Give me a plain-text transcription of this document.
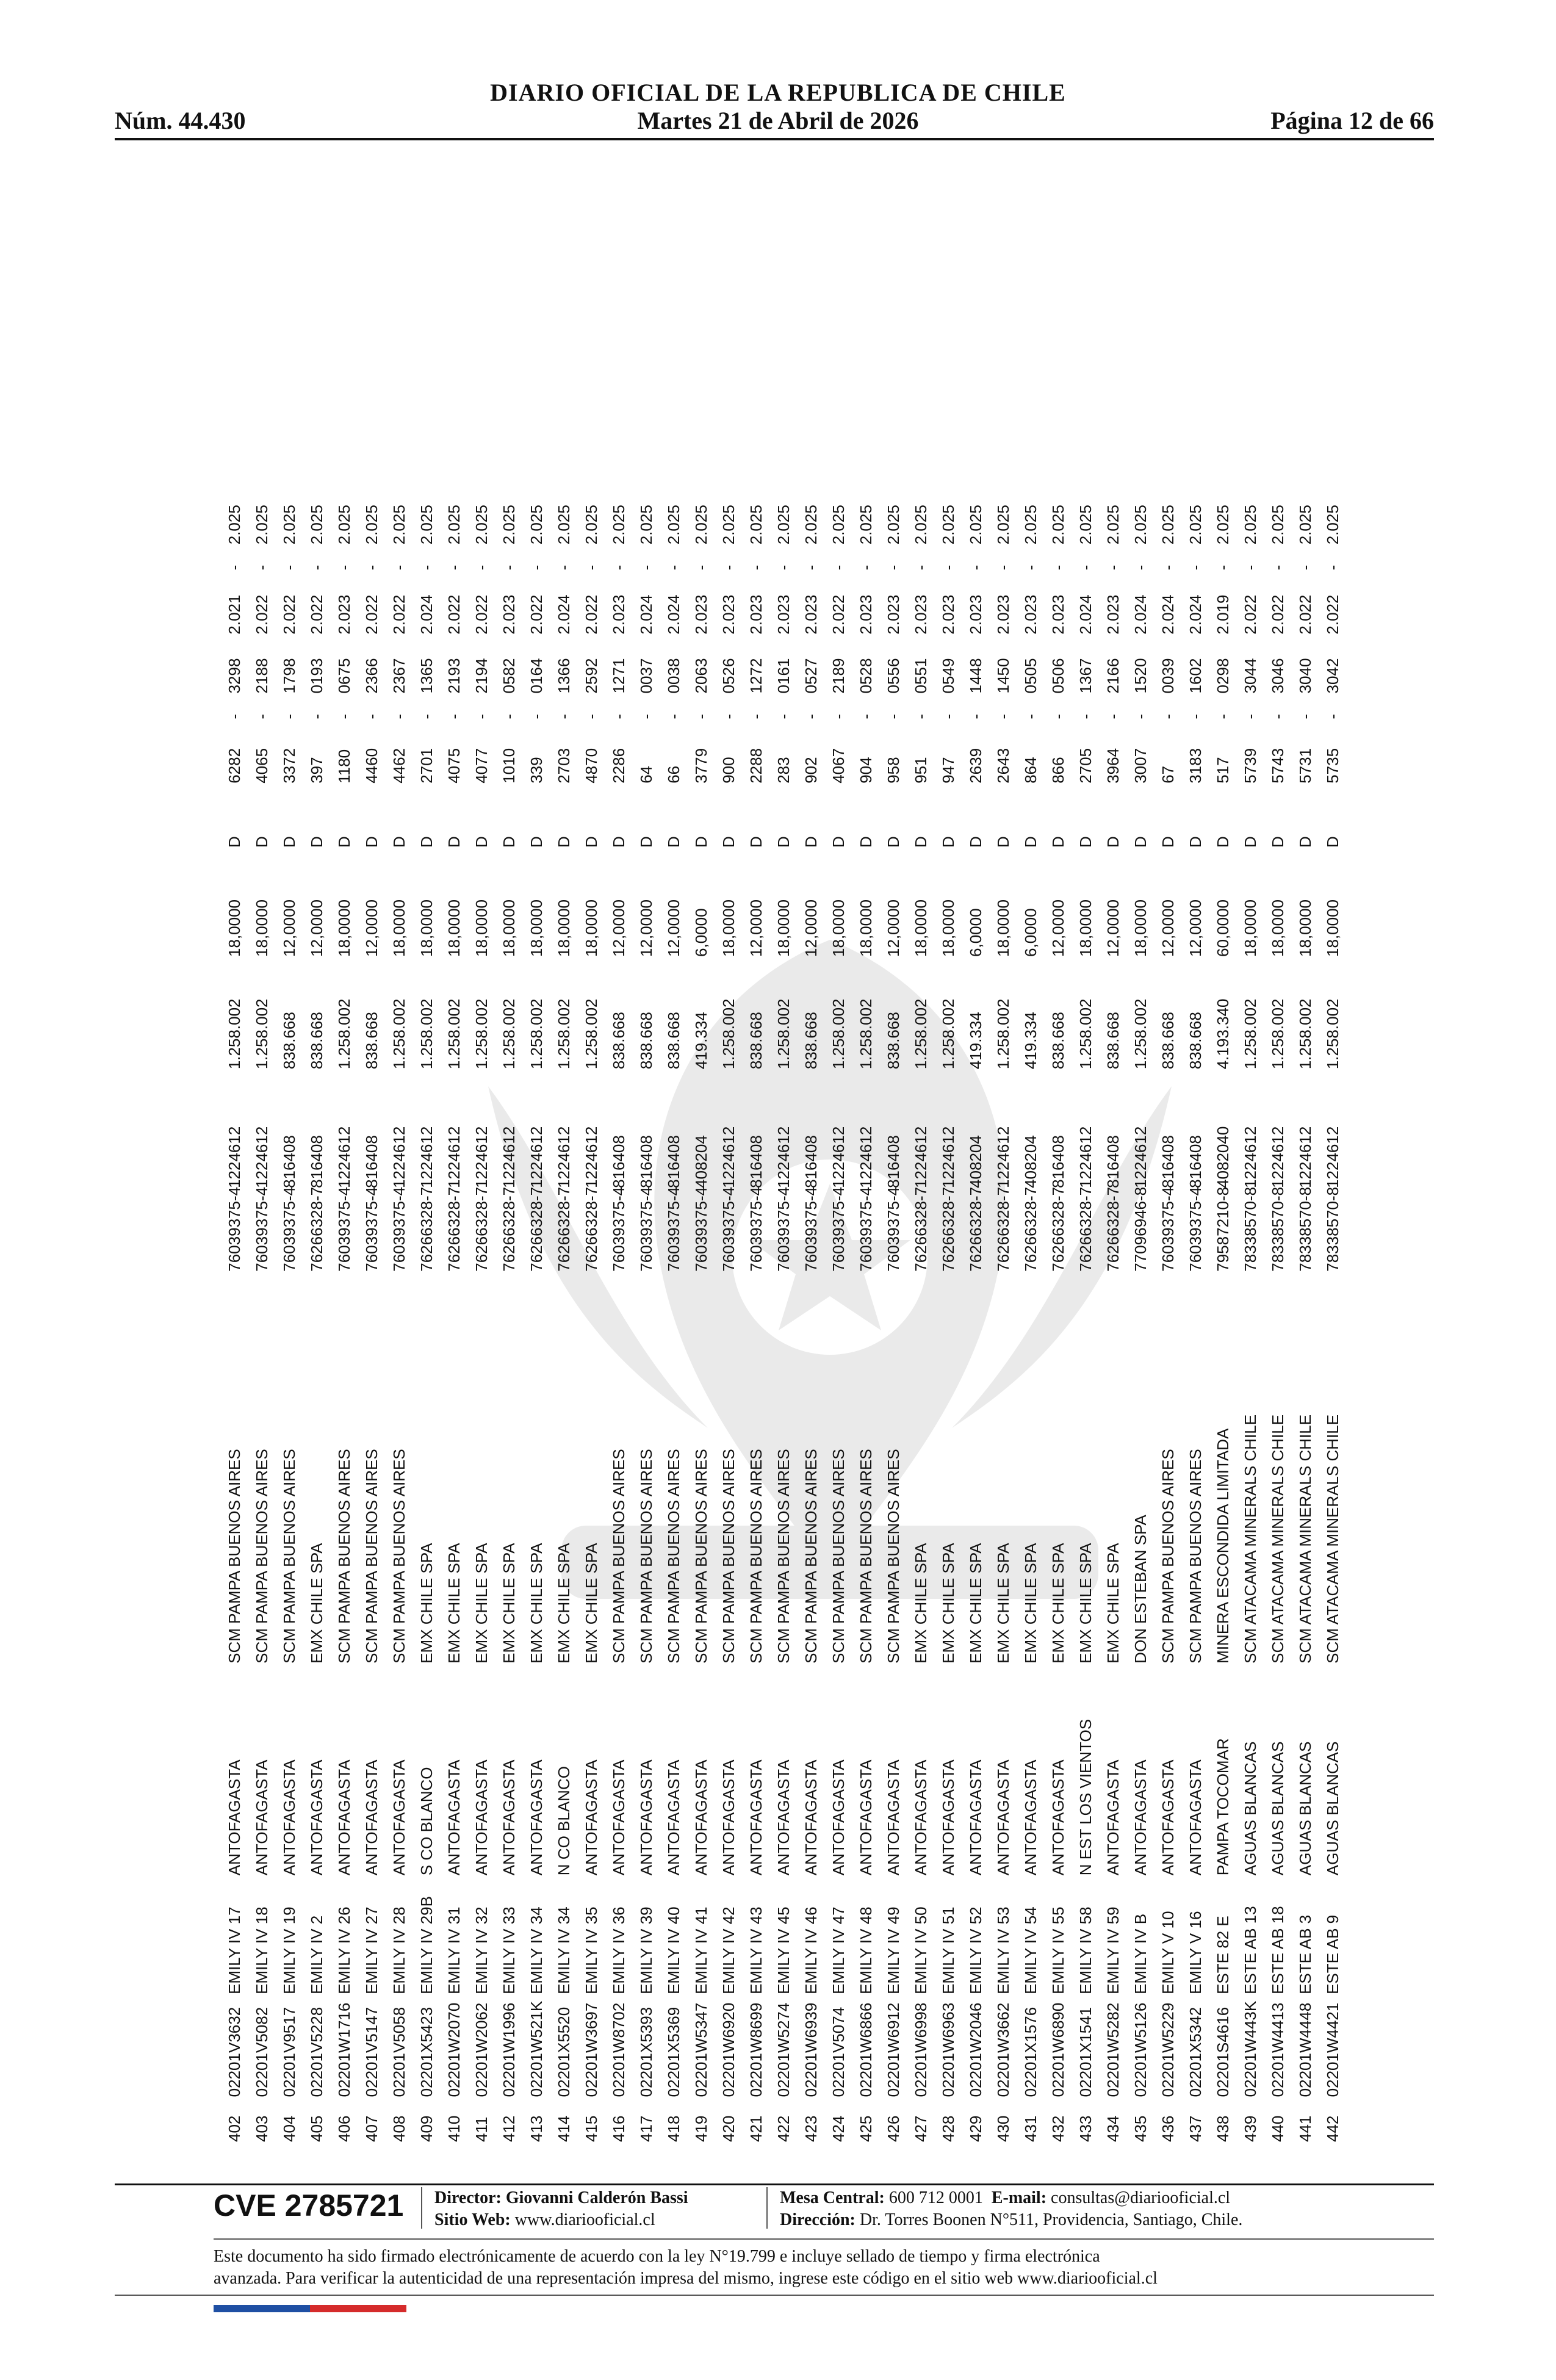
DIARIO OFICIAL DE LA REPUBLICA DE CHILE
Núm. 44.430	Martes 21 de Abril de 2026	Página 12 de 66
402	02201V3632	EMILY IV 17	ANTOFAGASTA	SCM PAMPA BUENOS AIRES	76039375-4	1224612	1.258.002	18,0000	D	6282	-	3298	2.021	-	2.025
403	02201V5082	EMILY IV 18	ANTOFAGASTA	SCM PAMPA BUENOS AIRES	76039375-4	1224612	1.258.002	18,0000	D	4065	-	2188	2.022	-	2.025
404	02201V9517	EMILY IV 19	ANTOFAGASTA	SCM PAMPA BUENOS AIRES	76039375-4	816408	838.668	12,0000	D	3372	-	1798	2.022	-	2.025
405	02201V5228	EMILY IV 2	ANTOFAGASTA	EMX CHILE SPA	76266328-7	816408	838.668	12,0000	D	397	-	0193	2.022	-	2.025
406	02201W1716	EMILY IV 26	ANTOFAGASTA	SCM PAMPA BUENOS AIRES	76039375-4	1224612	1.258.002	18,0000	D	1180	-	0675	2.023	-	2.025
407	02201V5147	EMILY IV 27	ANTOFAGASTA	SCM PAMPA BUENOS AIRES	76039375-4	816408	838.668	12,0000	D	4460	-	2366	2.022	-	2.025
408	02201V5058	EMILY IV 28	ANTOFAGASTA	SCM PAMPA BUENOS AIRES	76039375-4	1224612	1.258.002	18,0000	D	4462	-	2367	2.022	-	2.025
409	02201X5423	EMILY IV 29B	S CO BLANCO	EMX CHILE SPA	76266328-7	1224612	1.258.002	18,0000	D	2701	-	1365	2.024	-	2.025
410	02201W2070	EMILY IV 31	ANTOFAGASTA	EMX CHILE SPA	76266328-7	1224612	1.258.002	18,0000	D	4075	-	2193	2.022	-	2.025
411	02201W2062	EMILY IV 32	ANTOFAGASTA	EMX CHILE SPA	76266328-7	1224612	1.258.002	18,0000	D	4077	-	2194	2.022	-	2.025
412	02201W1996	EMILY IV 33	ANTOFAGASTA	EMX CHILE SPA	76266328-7	1224612	1.258.002	18,0000	D	1010	-	0582	2.023	-	2.025
413	02201W521K	EMILY IV 34	ANTOFAGASTA	EMX CHILE SPA	76266328-7	1224612	1.258.002	18,0000	D	339	-	0164	2.022	-	2.025
414	02201X5520	EMILY IV 34	N CO BLANCO	EMX CHILE SPA	76266328-7	1224612	1.258.002	18,0000	D	2703	-	1366	2.024	-	2.025
415	02201W3697	EMILY IV 35	ANTOFAGASTA	EMX CHILE SPA	76266328-7	1224612	1.258.002	18,0000	D	4870	-	2592	2.022	-	2.025
416	02201W8702	EMILY IV 36	ANTOFAGASTA	SCM PAMPA BUENOS AIRES	76039375-4	816408	838.668	12,0000	D	2286	-	1271	2.023	-	2.025
417	02201X5393	EMILY IV 39	ANTOFAGASTA	SCM PAMPA BUENOS AIRES	76039375-4	816408	838.668	12,0000	D	64	-	0037	2.024	-	2.025
418	02201X5369	EMILY IV 40	ANTOFAGASTA	SCM PAMPA BUENOS AIRES	76039375-4	816408	838.668	12,0000	D	66	-	0038	2.024	-	2.025
419	02201W5347	EMILY IV 41	ANTOFAGASTA	SCM PAMPA BUENOS AIRES	76039375-4	408204	419.334	6,0000	D	3779	-	2063	2.023	-	2.025
420	02201W6920	EMILY IV 42	ANTOFAGASTA	SCM PAMPA BUENOS AIRES	76039375-4	1224612	1.258.002	18,0000	D	900	-	0526	2.023	-	2.025
421	02201W8699	EMILY IV 43	ANTOFAGASTA	SCM PAMPA BUENOS AIRES	76039375-4	816408	838.668	12,0000	D	2288	-	1272	2.023	-	2.025
422	02201W5274	EMILY IV 45	ANTOFAGASTA	SCM PAMPA BUENOS AIRES	76039375-4	1224612	1.258.002	18,0000	D	283	-	0161	2.023	-	2.025
423	02201W6939	EMILY IV 46	ANTOFAGASTA	SCM PAMPA BUENOS AIRES	76039375-4	816408	838.668	12,0000	D	902	-	0527	2.023	-	2.025
424	02201V5074	EMILY IV 47	ANTOFAGASTA	SCM PAMPA BUENOS AIRES	76039375-4	1224612	1.258.002	18,0000	D	4067	-	2189	2.022	-	2.025
425	02201W6866	EMILY IV 48	ANTOFAGASTA	SCM PAMPA BUENOS AIRES	76039375-4	1224612	1.258.002	18,0000	D	904	-	0528	2.023	-	2.025
426	02201W6912	EMILY IV 49	ANTOFAGASTA	SCM PAMPA BUENOS AIRES	76039375-4	816408	838.668	12,0000	D	958	-	0556	2.023	-	2.025
427	02201W6998	EMILY IV 50	ANTOFAGASTA	EMX CHILE SPA	76266328-7	1224612	1.258.002	18,0000	D	951	-	0551	2.023	-	2.025
428	02201W6963	EMILY IV 51	ANTOFAGASTA	EMX CHILE SPA	76266328-7	1224612	1.258.002	18,0000	D	947	-	0549	2.023	-	2.025
429	02201W2046	EMILY IV 52	ANTOFAGASTA	EMX CHILE SPA	76266328-7	408204	419.334	6,0000	D	2639	-	1448	2.023	-	2.025
430	02201W3662	EMILY IV 53	ANTOFAGASTA	EMX CHILE SPA	76266328-7	1224612	1.258.002	18,0000	D	2643	-	1450	2.023	-	2.025
431	02201X1576	EMILY IV 54	ANTOFAGASTA	EMX CHILE SPA	76266328-7	408204	419.334	6,0000	D	864	-	0505	2.023	-	2.025
432	02201W6890	EMILY IV 55	ANTOFAGASTA	EMX CHILE SPA	76266328-7	816408	838.668	12,0000	D	866	-	0506	2.023	-	2.025
433	02201X1541	EMILY IV 58	N EST LOS VIENTOS	EMX CHILE SPA	76266328-7	1224612	1.258.002	18,0000	D	2705	-	1367	2.024	-	2.025
434	02201W5282	EMILY IV 59	ANTOFAGASTA	EMX CHILE SPA	76266328-7	816408	838.668	12,0000	D	3964	-	2166	2.023	-	2.025
435	02201W5126	EMILY IV B	ANTOFAGASTA	DON ESTEBAN SPA	77096946-8	1224612	1.258.002	18,0000	D	3007	-	1520	2.024	-	2.025
436	02201W5229	EMILY V 10	ANTOFAGASTA	SCM PAMPA BUENOS AIRES	76039375-4	816408	838.668	12,0000	D	67	-	0039	2.024	-	2.025
437	02201X5342	EMILY V 16	ANTOFAGASTA	SCM PAMPA BUENOS AIRES	76039375-4	816408	838.668	12,0000	D	3183	-	1602	2.024	-	2.025
438	02201S4616	ESTE 82 E	PAMPA TOCOMAR	MINERA ESCONDIDA LIMITADA	79587210-8	4082040	4.193.340	60,0000	D	517	-	0298	2.019	-	2.025
439	02201W443K	ESTE AB 13	AGUAS BLANCAS	SCM ATACAMA MINERALS CHILE	78338570-8	1224612	1.258.002	18,0000	D	5739	-	3044	2.022	-	2.025
440	02201W4413	ESTE AB 18	AGUAS BLANCAS	SCM ATACAMA MINERALS CHILE	78338570-8	1224612	1.258.002	18,0000	D	5743	-	3046	2.022	-	2.025
441	02201W4448	ESTE AB 3	AGUAS BLANCAS	SCM ATACAMA MINERALS CHILE	78338570-8	1224612	1.258.002	18,0000	D	5731	-	3040	2.022	-	2.025
442	02201W4421	ESTE AB 9	AGUAS BLANCAS	SCM ATACAMA MINERALS CHILE	78338570-8	1224612	1.258.002	18,0000	D	5735	-	3042	2.022	-	2.025
CVE 2785721 Director: Giovanni Calderón Bassi
Sitio Web: www.diariooficial.cl
Mesa Central: 600 712 0001 E-mail: consultas@diariooficial.cl
Dirección: Dr. Torres Boonen N°511, Providencia, Santiago, Chile.
Este documento ha sido firmado electrónicamente de acuerdo con la ley N°19.799 e incluye sellado de tiempo y firma electrónica
avanzada. Para verificar la autenticidad de una representación impresa del mismo, ingrese este código en el sitio web www.diariooficial.cl
